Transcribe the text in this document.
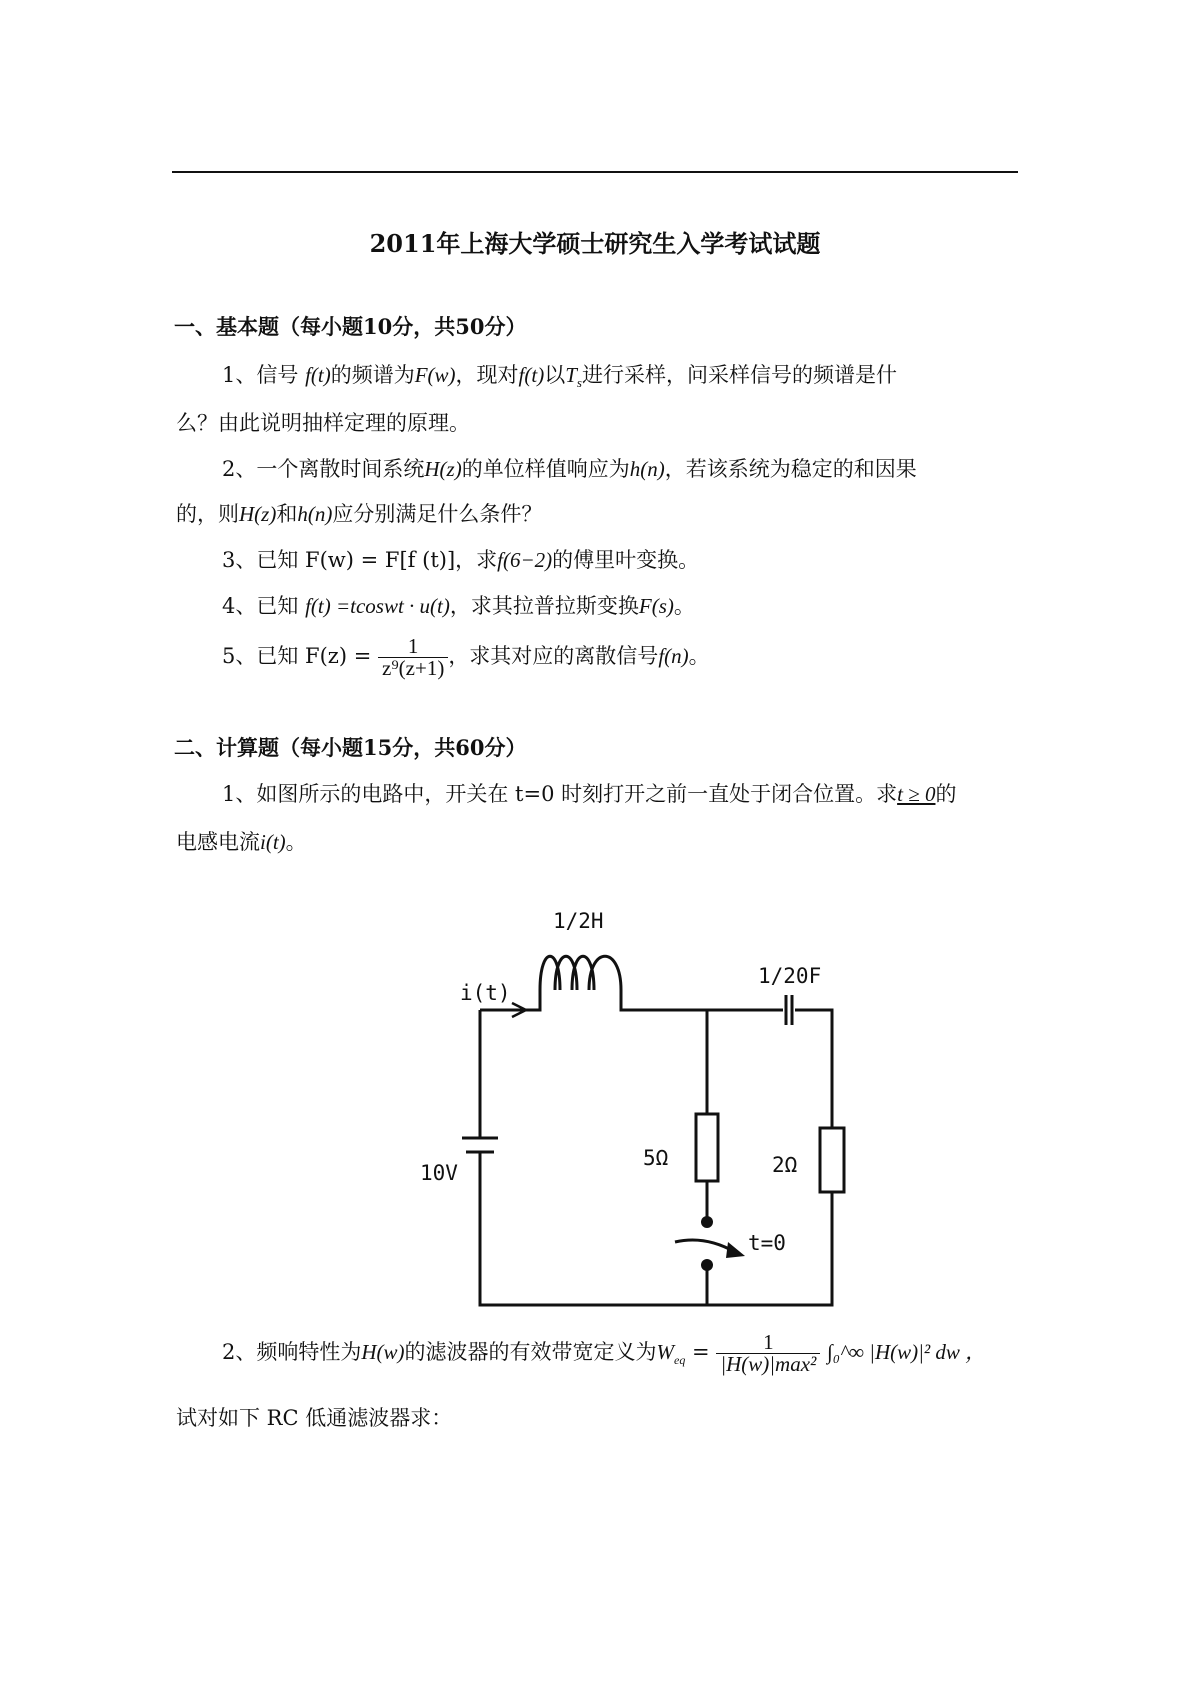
2011年上海大学硕士研究生入学考试试题
一、基本题（每小题10分，共50分）
1、信号 f(t)的频谱为F(w)，现对f(t)以$T_s$进行采样，问采样信号的频谱是什
么？由此说明抽样定理的原理。
2、一个离散时间系统H(z)的单位样值响应为h(n)，若该系统为稳定的和因果
的，则H(z)和h(n)应分别满足什么条件？
3、已知 F(w) = F[f (t)]，求f(6−2)的傅里叶变换。
4、已知 f(t) =tcoswt · u(t)，求其拉普拉斯变换F(s)。
5、已知 $F(z) = \frac{1}{\text{z⁹(z+1)}}$ ，求其对应的离散信号f(n)。
二、计算题（每小题15分，共60分）
1、如图所示的电路中，开关在 t=0 时刻打开之前一直处于闭合位置。求t ≥ 0的
电感电流i(t)。
1/2H
i(t)
1/20F
10V
5Ω	2Ω
t=0
2、频响特性为H(w)的滤波器的有效带宽定义为$W_{eq} = \frac{1}{\text{|H(w)|max²}}$ ∫₀^∞ |H(w)|² dw ，
试对如下 RC 低通滤波器求：
